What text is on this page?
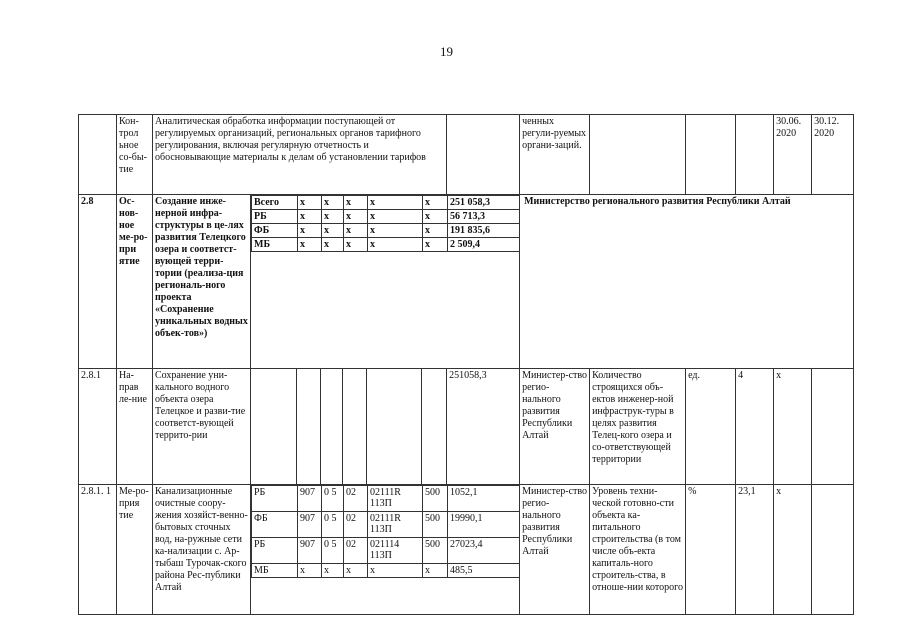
19
	Кон-трол ьное со-бы-тие	Аналитическая обработка информации поступающей от регулируемых организаций, региональных органов тарифного регулирования, включая регулярную отчетность и обосновывающие материалы к делам об установлении тарифов		ченных регули-руемых органи-заций.				30.06. 2020	30.12. 2020
2.8	Ос-нов-ное ме-ро-при ятие	Создание инже-нерной инфра-структуры в це-лях развития Телецкого озера и соответст-вующей терри-тории (реализа-ция региональ-ного проекта «Сохранение уникальных водных объек-тов»)	
Всего	х	х	х	х	х	251 058,3
РБ	х	х	х	х	х	56 713,3
ФБ	х	х	х	х	х	191 835,6
МБ	х	х	х	х	х	2 509,4
	Министерство регионального развития Республики Алтай
2.8.1	На-прав ле-ние	Сохранение уни-кального водного объекта озера Телецкое и разви-тие соответст-вующей террито-рии							251058,3	Министер-ство регио-нального развития Республики Алтай	Количество строящихся объ-ектов инженер-ной инфраструк-туры в целях развития Телец-кого озера и со-ответствующей территории	ед.	4	х	
2.8.1. 1	Ме-ро-прия тие	Канализационные очистные соору-жения хозяйст-венно-бытовых сточных вод, на-ружные сети ка-нализации с. Ар-тыбаш Турочак-ского района Рес-публики Алтай	
РБ	907	0 5	02	02111R 113П	500	1052,1
ФБ	907	0 5	02	02111R 113П	500	19990,1
РБ	907	0 5	02	021114 113П	500	27023,4
МБ	х	х	х	х	х	485,5
	Министер-ство регио-нального развития Республики Алтай	Уровень техни-ческой готовно-сти объекта ка-питального строительства (в том числе объ-екта капиталь-ного строитель-ства, в отноше-нии которого	%	23,1	х	
